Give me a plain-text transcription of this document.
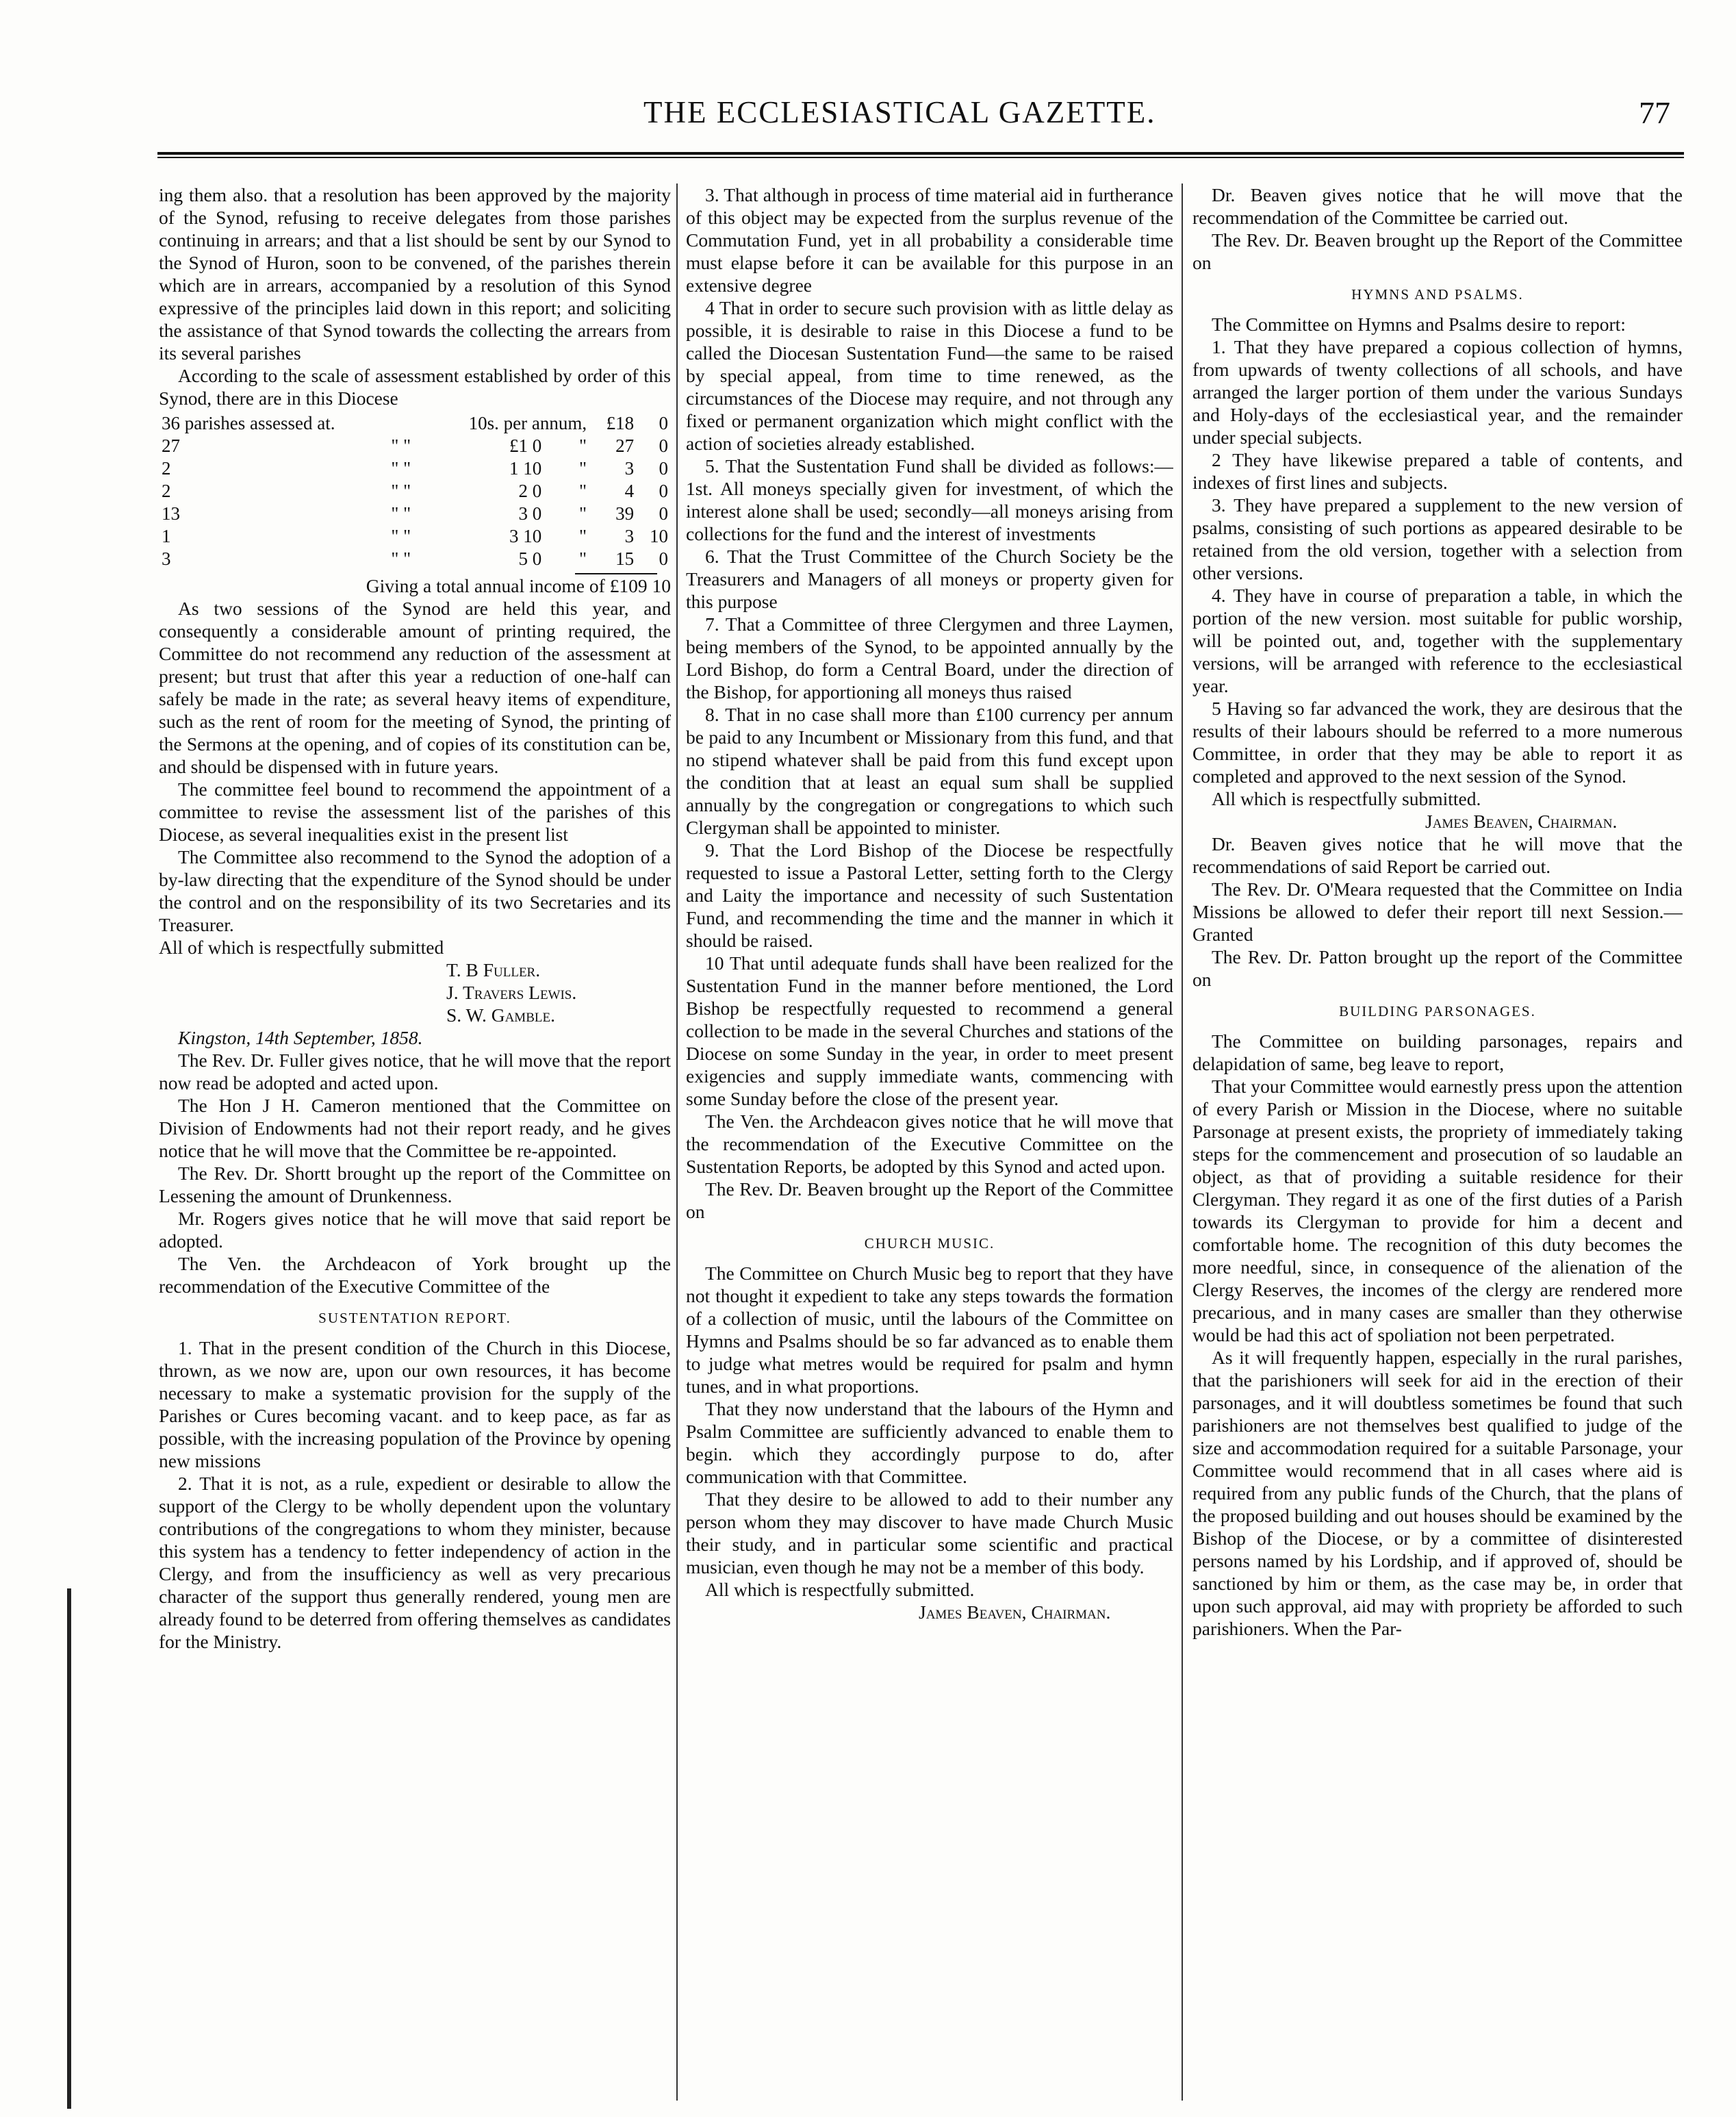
THE ECCLESIASTICAL GAZETTE.	77

ing them also. that a resolution has been approved by the majority of the Synod, refusing to receive delegates from those parishes continuing in arrears; and that a list should be sent by our Synod to the Synod of Huron, soon to be convened, of the parishes therein which are in arrears, accompanied by a resolution of this Synod expressive of the principles laid down in this report; and soliciting the assistance of that Synod towards the collecting the arrears from its several parishes

According to the scale of assessment established by order of this Synod, there are in this Diocese

36 parishes assessed at.		10s. per annum,		£18	0
27	" "	£1 0	"	27	0
2	" "	1 10	"	3	0
2	" "	2 0	"	4	0
13	" "	3 0	"	39	0
1	" "	3 10	"	3	10
3	" "	5 0	"	15	0

Giving a total annual income of £109 10

As two sessions of the Synod are held this year, and consequently a considerable amount of printing required, the Committee do not recommend any reduction of the assessment at present; but trust that after this year a reduction of one-half can safely be made in the rate; as several heavy items of expenditure, such as the rent of room for the meeting of Synod, the printing of the Sermons at the opening, and of copies of its constitution can be, and should be dispensed with in future years.

The committee feel bound to recommend the appointment of a committee to revise the assessment list of the parishes of this Diocese, as several inequalities exist in the present list

The Committee also recommend to the Synod the adoption of a by-law directing that the expenditure of the Synod should be under the control and on the responsibility of its two Secretaries and its Treasurer.

All of which is respectfully submitted

T. B Fuller.

J. Travers Lewis.

S. W. Gamble.

Kingston, 14th September, 1858.

The Rev. Dr. Fuller gives notice, that he will move that the report now read be adopted and acted upon.

The Hon J H. Cameron mentioned that the Committee on Division of Endowments had not their report ready, and he gives notice that he will move that the Committee be re-appointed.

The Rev. Dr. Shortt brought up the report of the Committee on Lessening the amount of Drunkenness.

Mr. Rogers gives notice that he will move that said report be adopted.

The Ven. the Archdeacon of York brought up the recommendation of the Executive Committee of the

SUSTENTATION REPORT.

1. That in the present condition of the Church in this Diocese, thrown, as we now are, upon our own resources, it has become necessary to make a systematic provision for the supply of the Parishes or Cures becoming vacant. and to keep pace, as far as possible, with the increasing population of the Province by opening new missions

2. That it is not, as a rule, expedient or desirable to allow the support of the Clergy to be wholly dependent upon the voluntary contributions of the congregations to whom they minister, because this system has a tendency to fetter independency of action in the Clergy, and from the insufficiency as well as very precarious character of the support thus generally rendered, young men are already found to be deterred from offering themselves as candidates for the Ministry.

3. That although in process of time material aid in furtherance of this object may be expected from the surplus revenue of the Commutation Fund, yet in all probability a considerable time must elapse before it can be available for this purpose in an extensive degree

4 That in order to secure such provision with as little delay as possible, it is desirable to raise in this Diocese a fund to be called the Diocesan Sustentation Fund—the same to be raised by special appeal, from time to time renewed, as the circumstances of the Diocese may require, and not through any fixed or permanent organization which might conflict with the action of societies already established.

5. That the Sustentation Fund shall be divided as follows:—1st. All moneys specially given for investment, of which the interest alone shall be used; secondly—all moneys arising from collections for the fund and the interest of investments

6. That the Trust Committee of the Church Society be the Treasurers and Managers of all moneys or property given for this purpose

7. That a Committee of three Clergymen and three Laymen, being members of the Synod, to be appointed annually by the Lord Bishop, do form a Central Board, under the direction of the Bishop, for apportioning all moneys thus raised

8. That in no case shall more than £100 currency per annum be paid to any Incumbent or Missionary from this fund, and that no stipend whatever shall be paid from this fund except upon the condition that at least an equal sum shall be supplied annually by the congregation or congregations to which such Clergyman shall be appointed to minister.

9. That the Lord Bishop of the Diocese be respectfully requested to issue a Pastoral Letter, setting forth to the Clergy and Laity the importance and necessity of such Sustentation Fund, and recommending the time and the manner in which it should be raised.

10 That until adequate funds shall have been realized for the Sustentation Fund in the manner before mentioned, the Lord Bishop be respectfully requested to recommend a general collection to be made in the several Churches and stations of the Diocese on some Sunday in the year, in order to meet present exigencies and supply immediate wants, commencing with some Sunday before the close of the present year.

The Ven. the Archdeacon gives notice that he will move that the recommendation of the Executive Committee on the Sustentation Reports, be adopted by this Synod and acted upon.

The Rev. Dr. Beaven brought up the Report of the Committee on

CHURCH MUSIC.

The Committee on Church Music beg to report that they have not thought it expedient to take any steps towards the formation of a collection of music, until the labours of the Committee on Hymns and Psalms should be so far advanced as to enable them to judge what metres would be required for psalm and hymn tunes, and in what proportions.

That they now understand that the labours of the Hymn and Psalm Committee are sufficiently advanced to enable them to begin. which they accordingly purpose to do, after communication with that Committee.

That they desire to be allowed to add to their number any person whom they may discover to have made Church Music their study, and in particular some scientific and practical musician, even though he may not be a member of this body.

All which is respectfully submitted.

James Beaven, Chairman.

Dr. Beaven gives notice that he will move that the recommendation of the Committee be carried out.

The Rev. Dr. Beaven brought up the Report of the Committee on

HYMNS AND PSALMS.

The Committee on Hymns and Psalms desire to report:

1. That they have prepared a copious collection of hymns, from upwards of twenty collections of all schools, and have arranged the larger portion of them under the various Sundays and Holy-days of the ecclesiastical year, and the remainder under special subjects.

2 They have likewise prepared a table of contents, and indexes of first lines and subjects.

3. They have prepared a supplement to the new version of psalms, consisting of such portions as appeared desirable to be retained from the old version, together with a selection from other versions.

4. They have in course of preparation a table, in which the portion of the new version. most suitable for public worship, will be pointed out, and, together with the supplementary versions, will be arranged with reference to the ecclesiastical year.

5 Having so far advanced the work, they are desirous that the results of their labours should be referred to a more numerous Committee, in order that they may be able to report it as completed and approved to the next session of the Synod.

All which is respectfully submitted.

James Beaven, Chairman.

Dr. Beaven gives notice that he will move that the recommendations of said Report be carried out.

The Rev. Dr. O'Meara requested that the Committee on India Missions be allowed to defer their report till next Session.—Granted

The Rev. Dr. Patton brought up the report of the Committee on

BUILDING PARSONAGES.

The Committee on building parsonages, repairs and delapidation of same, beg leave to report,

That your Committee would earnestly press upon the attention of every Parish or Mission in the Diocese, where no suitable Parsonage at present exists, the propriety of immediately taking steps for the commencement and prosecution of so laudable an object, as that of providing a suitable residence for their Clergyman. They regard it as one of the first duties of a Parish towards its Clergyman to provide for him a decent and comfortable home. The recognition of this duty becomes the more needful, since, in consequence of the alienation of the Clergy Reserves, the incomes of the clergy are rendered more precarious, and in many cases are smaller than they otherwise would be had this act of spoliation not been perpetrated.

As it will frequently happen, especially in the rural parishes, that the parishioners will seek for aid in the erection of their parsonages, and it will doubtless sometimes be found that such parishioners are not themselves best qualified to judge of the size and accommodation required for a suitable Parsonage, your Committee would recommend that in all cases where aid is required from any public funds of the Church, that the plans of the proposed building and out houses should be examined by the Bishop of the Diocese, or by a committee of disinterested persons named by his Lordship, and if approved of, should be sanctioned by him or them, as the case may be, in order that upon such approval, aid may with propriety be afforded to such parishioners. When the Par-
